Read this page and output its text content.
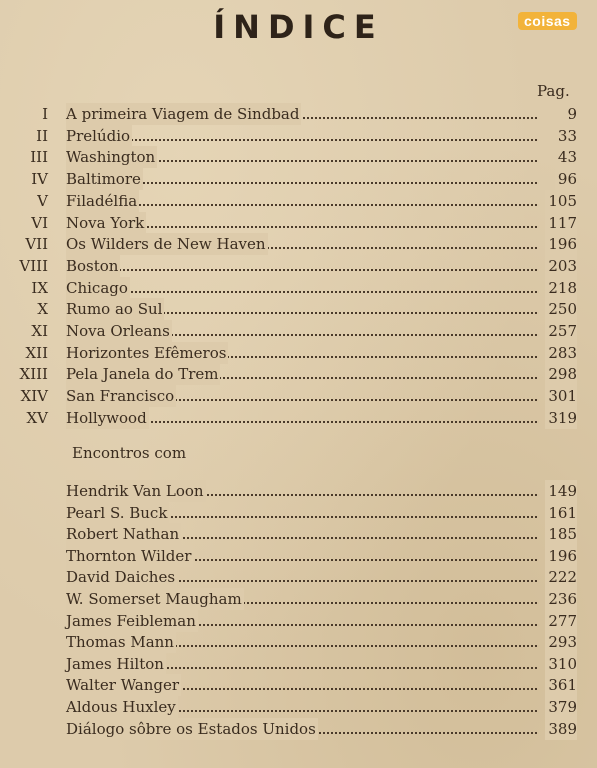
ÍNDICE	coisas
Pag.
I A primeira Viagem de Sindbad	9
II Prelúdio	33
III Washington	43
IV Baltimore	96
V Filadélfia	105
VI Nova York	117
VII Os Wilders de New Haven	196
VIII Boston	203
IX Chicago	218
X Rumo ao Sul	250
XI Nova Orleans	257
XII Horizontes Efêmeros	283
XIII Pela Janela do Trem	298
XIV San Francisco	301
XV Hollywood	319
Encontros com
Hendrik Van Loon	149
Pearl S. Buck	161
Robert Nathan	185
Thornton Wilder	196
David Daiches	222
W. Somerset Maugham	236
James Feibleman	277
Thomas Mann	293
James Hilton	310
Walter Wanger	361
Aldous Huxley	379
Diálogo sôbre os Estados Unidos	389
